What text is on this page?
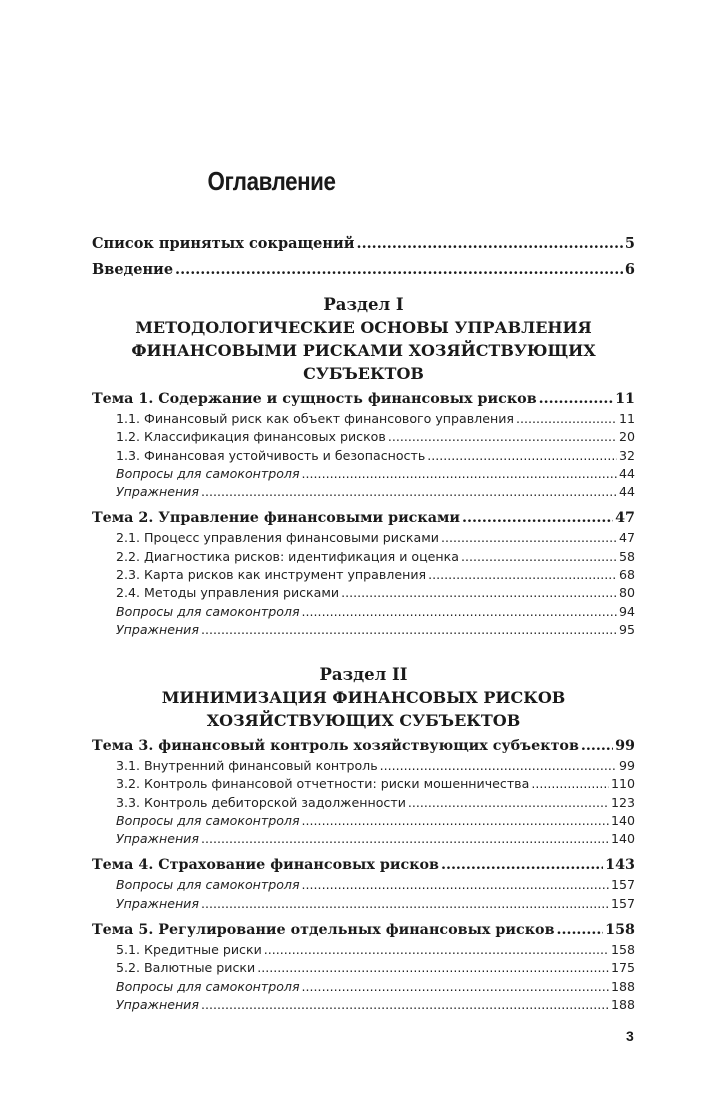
Оглавление
Список принятых сокращений .....	5
Введение .....	6
Раздел I
МЕТОДОЛОГИЧЕСКИЕ ОСНОВЫ УПРАВЛЕНИЯ
ФИНАНСОВЫМИ РИСКАМИ ХОЗЯЙСТВУЮЩИХ
СУБЪЕКТОВ
Тема 1. Содержание и сущность финансовых рисков .....	11
1.1. Финансовый риск как объект финансового управления .....	11
1.2. Классификация финансовых рисков .....	20
1.3. Финансовая устойчивость и безопасность .....	32
Вопросы для самоконтроля .....	44
Упражнения .....	44
Тема 2. Управление финансовыми рисками .....	47
2.1. Процесс управления финансовыми рисками .....	47
2.2. Диагностика рисков: идентификация и оценка .....	58
2.3. Карта рисков как инструмент управления .....	68
2.4. Методы управления рисками .....	80
Вопросы для самоконтроля .....	94
Упражнения .....	95
Раздел II
МИНИМИЗАЦИЯ ФИНАНСОВЫХ РИСКОВ
ХОЗЯЙСТВУЮЩИХ СУБЪЕКТОВ
Тема 3. финансовый контроль хозяйствующих субъектов .....	99
3.1. Внутренний финансовый контроль .....	99
3.2. Контроль финансовой отчетности: риски мошенничества .....	110
3.3. Контроль дебиторской задолженности .....	123
Вопросы для самоконтроля .....	140
Упражнения .....	140
Тема 4. Страхование финансовых рисков .....	143
Вопросы для самоконтроля .....	157
Упражнения .....	157
Тема 5. Регулирование отдельных финансовых рисков .....	158
5.1. Кредитные риски .....	158
5.2. Валютные риски .....	175
Вопросы для самоконтроля .....	188
Упражнения .....	188
3
